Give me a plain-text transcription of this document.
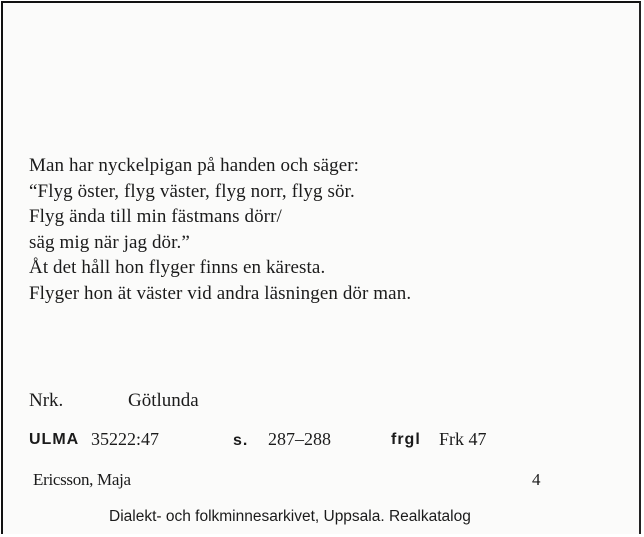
Man har nyckelpigan på handen och säger:
“Flyg öster, flyg väster, flyg norr, flyg sör.
Flyg ända till min fästmans dörr/
säg mig när jag dör.”
Åt det håll hon flyger finns en käresta.
Flyger hon ät väster vid andra läsningen dör man.
Nrk.	Götlunda
ULMA 35222:47	s. 287–288	frgl Frk 47
Ericsson, Maja	4
Dialekt- och folkminnesarkivet, Uppsala. Realkatalog
